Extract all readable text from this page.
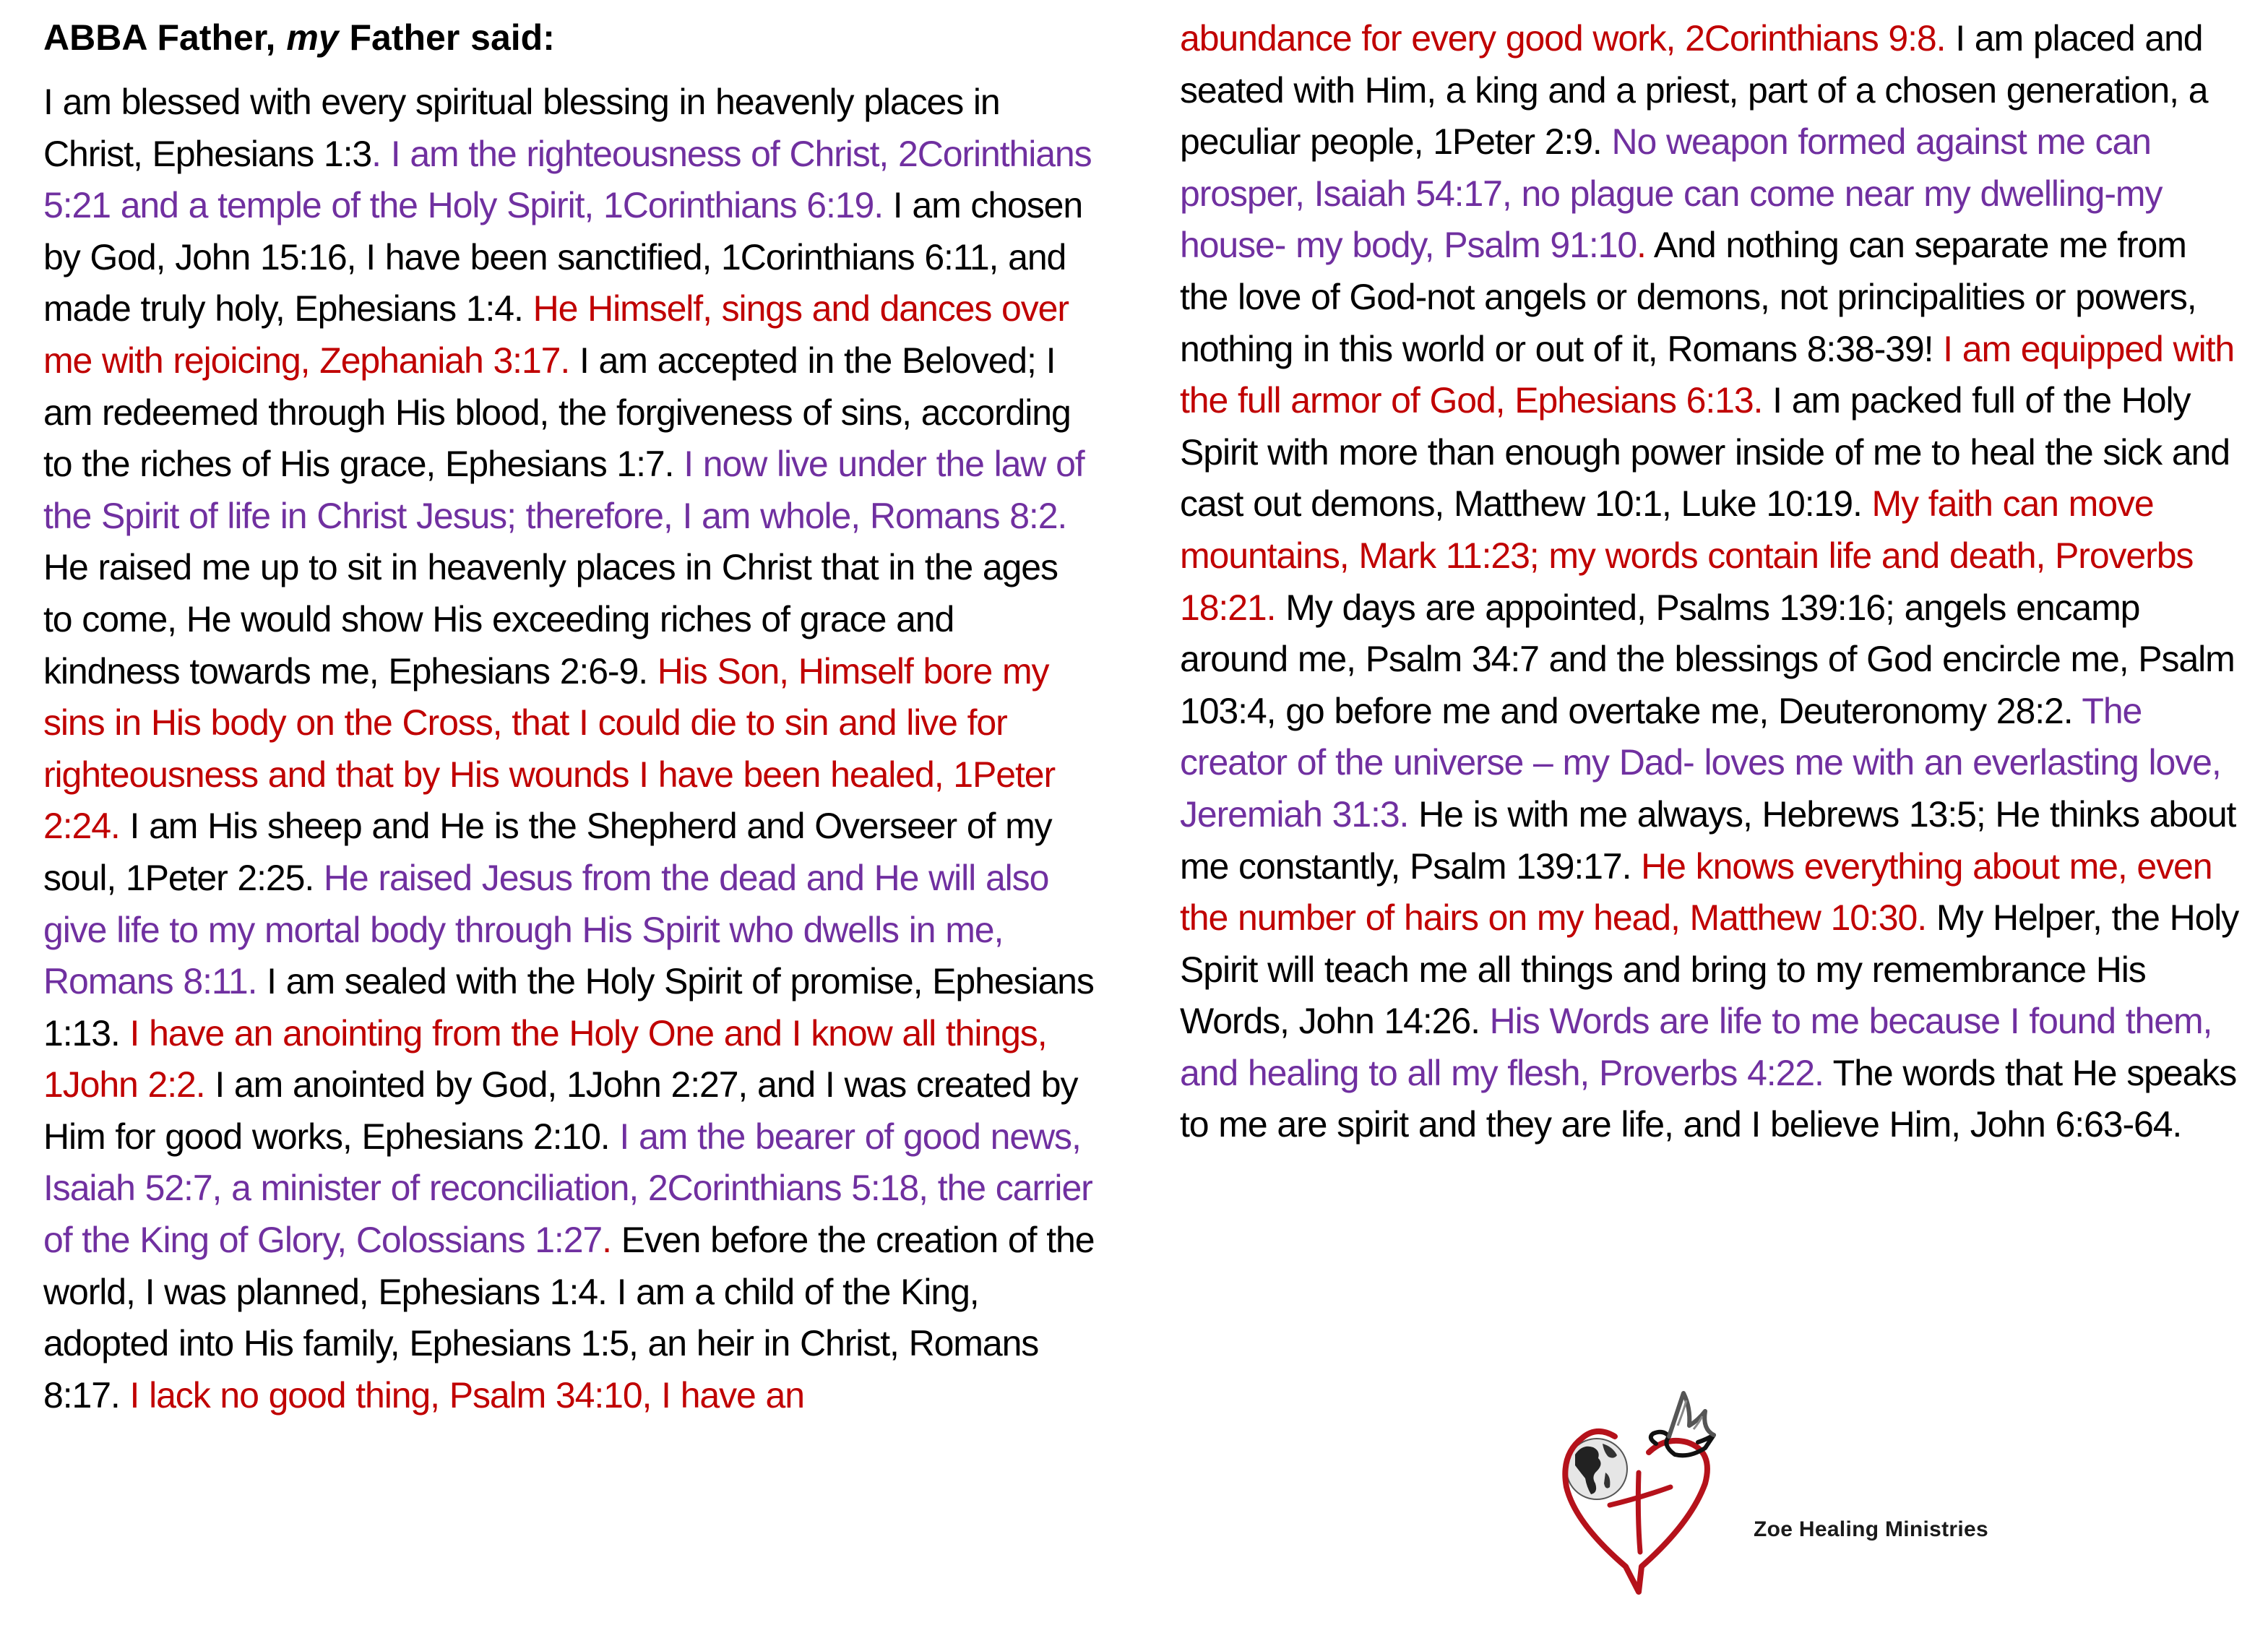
ABBA Father, my Father said:

I am blessed with every spiritual blessing in heavenly places in Christ, Ephesians 1:3. I am the righteousness of Christ, 2Corinthians 5:21 and a temple of the Holy Spirit, 1Corinthians 6:19. I am chosen by God, John 15:16, I have been sanctified, 1Corinthians 6:11, and made truly holy, Ephesians 1:4. He Himself, sings and dances over me with rejoicing, Zephaniah 3:17. I am accepted in the Beloved; I am redeemed through His blood, the forgiveness of sins, according to the riches of His grace, Ephesians 1:7. I now live under the law of the Spirit of life in Christ Jesus; therefore, I am whole, Romans 8:2. He raised me up to sit in heavenly places in Christ that in the ages to come, He would show His exceeding riches of grace and kindness towards me, Ephesians 2:6-9. His Son, Himself bore my sins in His body on the Cross, that I could die to sin and live for righteousness and that by His wounds I have been healed, 1Peter 2:24. I am His sheep and He is the Shepherd and Overseer of my soul, 1Peter 2:25. He raised Jesus from the dead and He will also give life to my mortal body through His Spirit who dwells in me, Romans 8:11. I am sealed with the Holy Spirit of promise, Ephesians 1:13. I have an anointing from the Holy One and I know all things, 1John 2:2. I am anointed by God, 1John 2:27, and I was created by Him for good works, Ephesians 2:10. I am the bearer of good news, Isaiah 52:7, a minister of reconciliation, 2Corinthians 5:18, the carrier of the King of Glory, Colossians 1:27. Even before the creation of the world, I was planned, Ephesians 1:4. I am a child of the King, adopted into His family, Ephesians 1:5, an heir in Christ, Romans 8:17. I lack no good thing, Psalm 34:10, I have an

abundance for every good work, 2Corinthians 9:8. I am placed and seated with Him, a king and a priest, part of a chosen generation, a peculiar people, 1Peter 2:9. No weapon formed against me can prosper, Isaiah 54:17, no plague can come near my dwelling-my house- my body, Psalm 91:10. And nothing can separate me from the love of God-not angels or demons, not principalities or powers, nothing in this world or out of it, Romans 8:38-39! I am equipped with the full armor of God, Ephesians 6:13. I am packed full of the Holy Spirit with more than enough power inside of me to heal the sick and cast out demons, Matthew 10:1, Luke 10:19. My faith can move mountains, Mark 11:23; my words contain life and death, Proverbs 18:21. My days are appointed, Psalms 139:16; angels encamp around me, Psalm 34:7 and the blessings of God encircle me, Psalm 103:4, go before me and overtake me, Deuteronomy 28:2. The creator of the universe – my Dad- loves me with an everlasting love, Jeremiah 31:3. He is with me always, Hebrews 13:5; He thinks about me constantly, Psalm 139:17. He knows everything about me, even the number of hairs on my head, Matthew 10:30. My Helper, the Holy Spirit will teach me all things and bring to my remembrance His Words, John 14:26. His Words are life to me because I found them, and healing to all my flesh, Proverbs 4:22. The words that He speaks to me are spirit and they are life, and I believe Him, John 6:63-64.

Zoe Healing Ministries
